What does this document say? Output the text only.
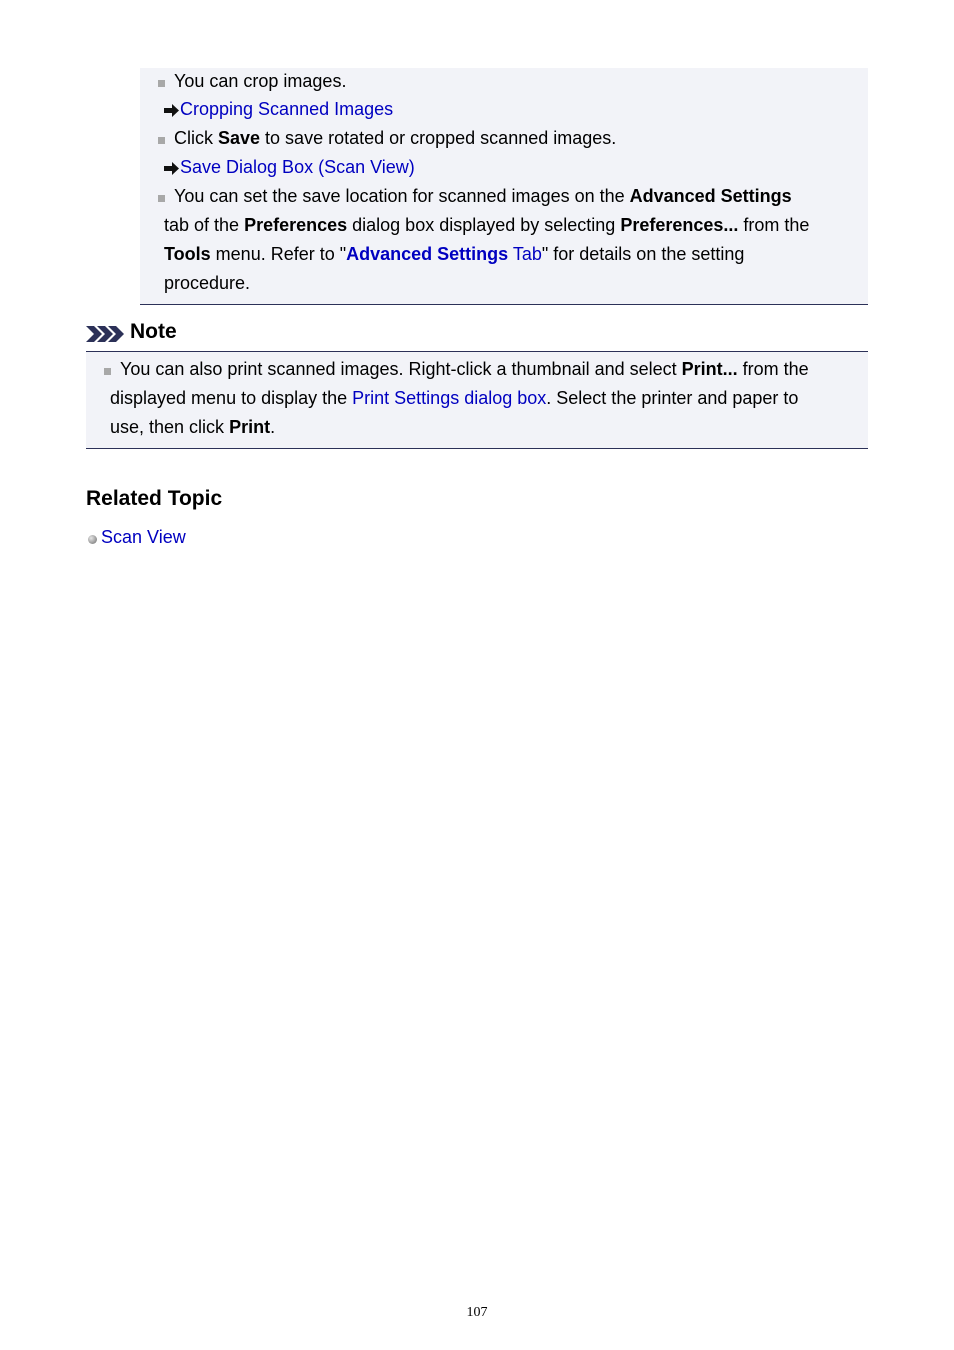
You can crop images.
Cropping Scanned Images
Click Save to save rotated or cropped scanned images.
Save Dialog Box (Scan View)
You can set the save location for scanned images on the Advanced Settings
tab of the Preferences dialog box displayed by selecting Preferences... from the
Tools menu. Refer to "Advanced Settings Tab" for details on the setting
procedure.
Note
You can also print scanned images. Right-click a thumbnail and select Print... from the
displayed menu to display the Print Settings dialog box. Select the printer and paper to
use, then click Print.
Related Topic
Scan View
107
